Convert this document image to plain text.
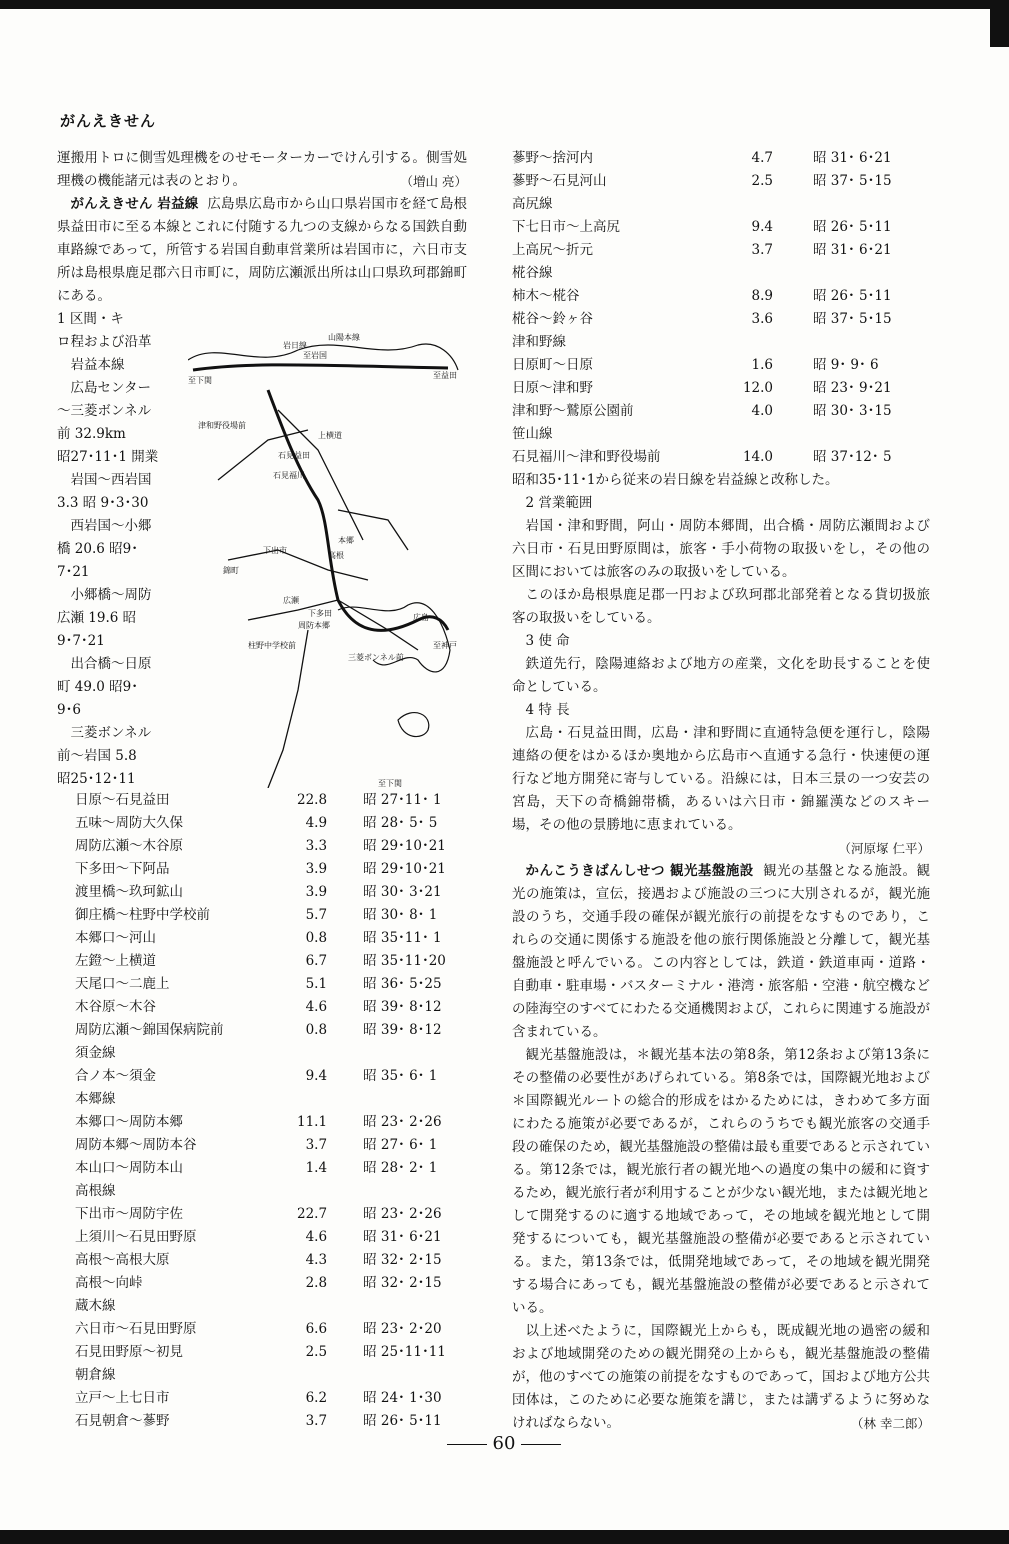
がんえきせん

運搬用トロに側雪処理機をのせモーターカーでけん引する。側雪処理機の機能諸元は表のとおり。	（増山 亮）

がんえきせん 岩益線 広島県広島市から山口県岩国市を経て島根県益田市に至る本線とこれに付随する九つの支線からなる国鉄自動車路線であって，所管する岩国自動車営業所は岩国市に，六日市支所は島根県鹿足郡六日市町に，周防広瀬派出所は山口県玖珂郡錦町にある。

1 区間・キ
ロ程および沿革
岩益本線
広島センター
～三菱ボンネル
前 32.9km
昭27･11･1 開業
岩国～西岩国
3.3 昭 9･3･30
西岩国～小郷
橋 20.6 昭9･
7･21
小郷橋～周防
広瀬 19.6 昭
9･7･21
出合橋～日原
町 49.0 昭9･
9･6
三菱ボンネル
前～岩国 5.8
昭25･12･11
山陽本線
岩日線
至益田
至下関
至岩国
津和野役場前
上横道
石見福川
石見益田
高根
錦町
下出市
本郷
周防本郷
広瀬
至神戸
広島
三菱ボンネル前
柱野中学校前
下多田
至下関
日原～石見益田	22.8	昭 27･11･ 1
五味～周防大久保	4.9	昭 28･ 5･ 5
周防広瀬～木谷原	3.3	昭 29･10･21
下多田～下阿品	3.9	昭 29･10･21
渡里橋～玖珂鉱山	3.9	昭 30･ 3･21
御庄橋～柱野中学校前	5.7	昭 30･ 8･ 1
本郷口～河山	0.8	昭 35･11･ 1
左鐙～上横道	6.7	昭 35･11･20
天尾口～二鹿上	5.1	昭 36･ 5･25
木谷原～木谷	4.6	昭 39･ 8･12
周防広瀬～錦国保病院前	0.8	昭 39･ 8･12
須金線		
合ノ本～須金	9.4	昭 35･ 6･ 1
本郷線		
本郷口～周防本郷	11.1	昭 23･ 2･26
周防本郷～周防本谷	3.7	昭 27･ 6･ 1
本山口～周防本山	1.4	昭 28･ 2･ 1
高根線		
下出市～周防宇佐	22.7	昭 23･ 2･26
上須川～石見田野原	4.6	昭 31･ 6･21
高根～高根大原	4.3	昭 32･ 2･15
高根～向峠	2.8	昭 32･ 2･15
蔵木線		
六日市～石見田野原	6.6	昭 23･ 2･20
石見田野原～初見	2.5	昭 25･11･11
朝倉線		
立戸～上七日市	6.2	昭 24･ 1･30
石見朝倉～蔘野	3.7	昭 26･ 5･11
蔘野～捨河内	4.7	昭 31･ 6･21
蔘野～石見河山	2.5	昭 37･ 5･15
高尻線		
下七日市～上高尻	9.4	昭 26･ 5･11
上高尻～折元	3.7	昭 31･ 6･21
椛谷線		
柿木～椛谷	8.9	昭 26･ 5･11
椛谷～鈴ヶ谷	3.6	昭 37･ 5･15
津和野線		
日原町～日原	1.6	昭 9･ 9･ 6
日原～津和野	12.0	昭 23･ 9･21
津和野～鷲原公園前	4.0	昭 30･ 3･15
笹山線		
石見福川～津和野役場前	14.0	昭 37･12･ 5

昭和35･11･1から従来の岩日線を岩益線と改称した。

2 営業範囲

岩国・津和野間，阿山・周防本郷間，出合橋・周防広瀬間および六日市・石見田野原間は，旅客・手小荷物の取扱いをし，その他の区間においては旅客のみの取扱いをしている。

このほか島根県鹿足郡一円および玖珂郡北部発着となる貨切扱旅客の取扱いをしている。

3 使 命

鉄道先行，陰陽連絡および地方の産業，文化を助長することを使命としている。

4 特 長

広島・石見益田間，広島・津和野間に直通特急便を運行し，陰陽連絡の便をはかるほか奥地から広島市へ直通する急行・快速便の運行など地方開発に寄与している。沿線には，日本三景の一つ安芸の宮島，天下の奇橋錦帯橋，あるいは六日市・錦羅漢などのスキー場，その他の景勝地に恵まれている。

（河原塚 仁平）

かんこうきばんしせつ 観光基盤施設 観光の基盤となる施設。観光の施策は，宣伝，接遇および施設の三つに大別されるが，観光施設のうち，交通手段の確保が観光旅行の前提をなすものであり，これらの交通に関係する施設を他の旅行関係施設と分離して，観光基盤施設と呼んでいる。この内容としては，鉄道・鉄道車両・道路・自動車・駐車場・バスターミナル・港湾・旅客船・空港・航空機などの陸海空のすべてにわたる交通機関および，これらに関連する施設が含まれている。

観光基盤施設は，＊観光基本法の第8条，第12条および第13条にその整備の必要性があげられている。第8条では，国際観光地および＊国際観光ルートの総合的形成をはかるためには，きわめて多方面にわたる施策が必要であるが，これらのうちでも観光旅客の交通手段の確保のため，観光基盤施設の整備は最も重要であると示されている。第12条では，観光旅行者の観光地への過度の集中の緩和に資するため，観光旅行者が利用することが少ない観光地，または観光地として開発するのに適する地域であって，その地域を観光地として開発するについても，観光基盤施設の整備が必要であると示されている。また，第13条では，低開発地域であって，その地域を観光開発する場合にあっても，観光基盤施設の整備が必要であると示されている。

以上述べたように，国際観光上からも，既成観光地の過密の緩和および地域開発のための観光開発の上からも，観光基盤施設の整備が，他のすべての施策の前提をなすものであって，国および地方公共団体は，このために必要な施策を講じ，または講ずるように努めなければならない。	（林 幸二郎）

60
